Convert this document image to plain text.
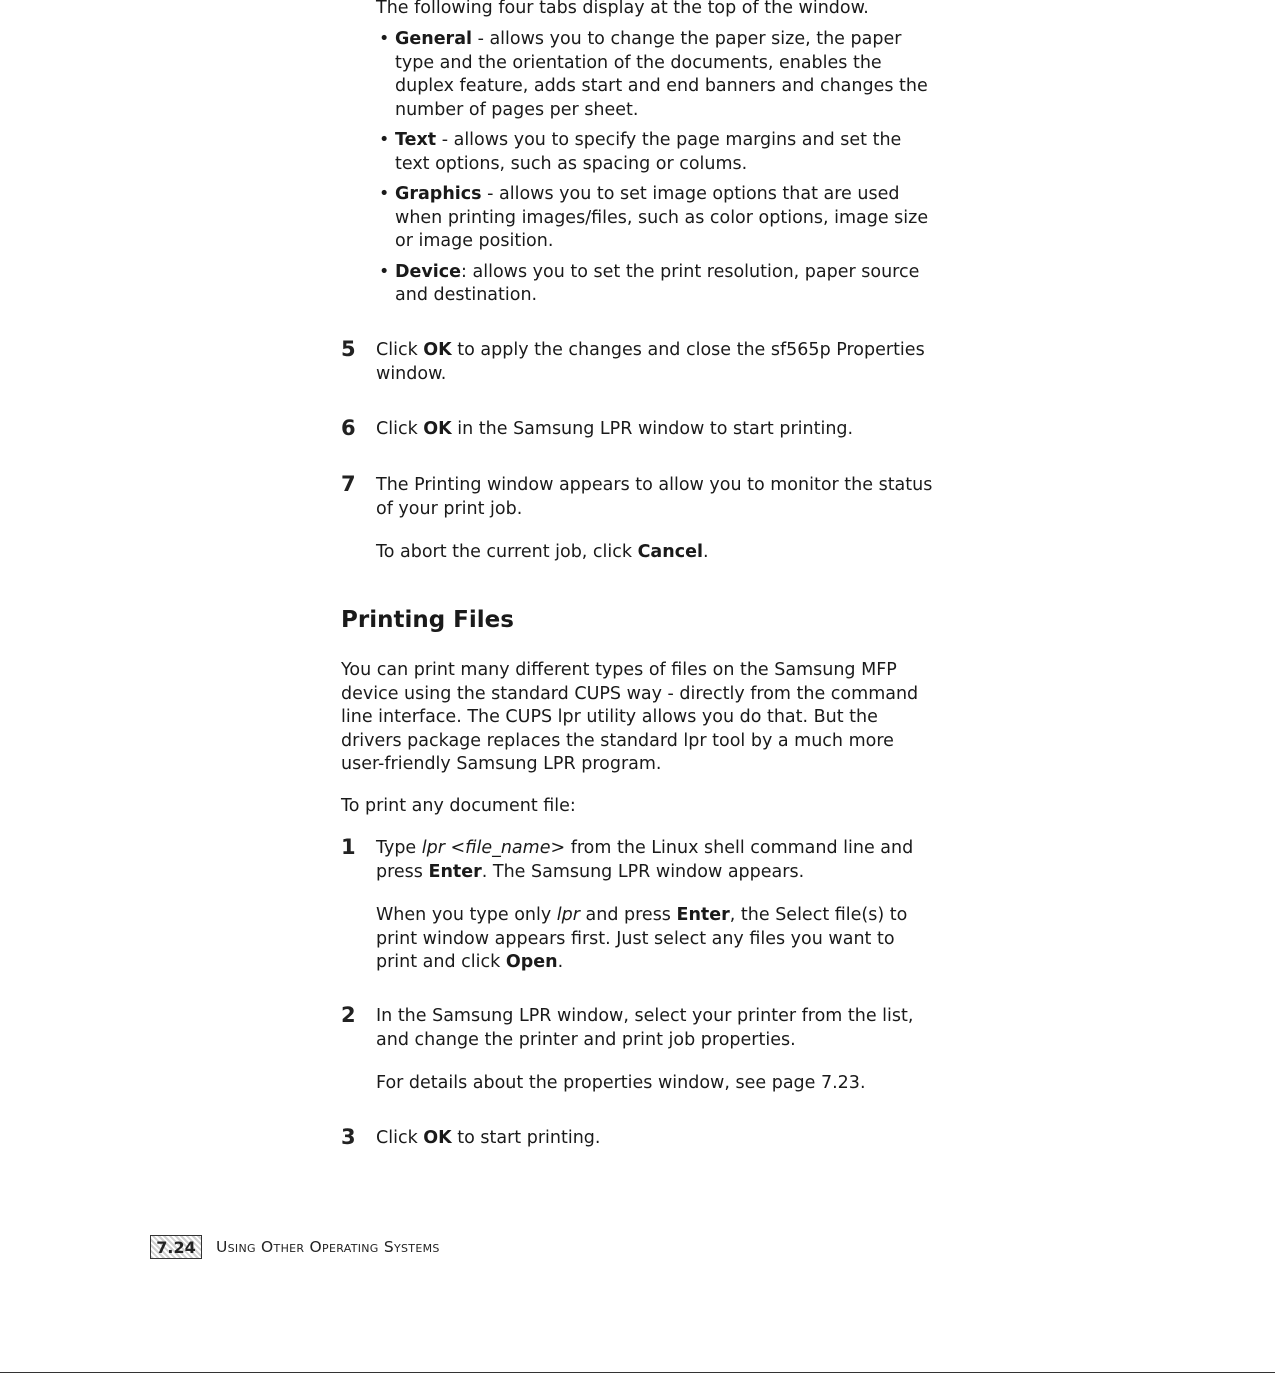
The following four tabs display at the top of the window.

• General - allows you to change the paper size, the paper type and the orientation of the documents, enables the duplex feature, adds start and end banners and changes the number of pages per sheet.
• Text - allows you to specify the page margins and set the text options, such as spacing or colums.
• Graphics - allows you to set image options that are used when printing images/files, such as color options, image size or image position.
• Device: allows you to set the print resolution, paper source and destination.
5 Click OK to apply the changes and close the sf565p Properties window.

6 Click OK in the Samsung LPR window to start printing.

7 The Printing window appears to allow you to monitor the status of your print job.

To abort the current job, click Cancel.

Printing Files

You can print many different types of files on the Samsung MFP device using the standard CUPS way - directly from the command line interface. The CUPS lpr utility allows you do that. But the drivers package replaces the standard lpr tool by a much more user-friendly Samsung LPR program.

To print any document file:

1 Type lpr <file_name> from the Linux shell command line and press Enter. The Samsung LPR window appears.

When you type only lpr and press Enter, the Select file(s) to print window appears first. Just select any files you want to print and click Open.

2 In the Samsung LPR window, select your printer from the list, and change the printer and print job properties.

For details about the properties window, see page 7.23.

3 Click OK to start printing.

7.24	Using Other Operating Systems
